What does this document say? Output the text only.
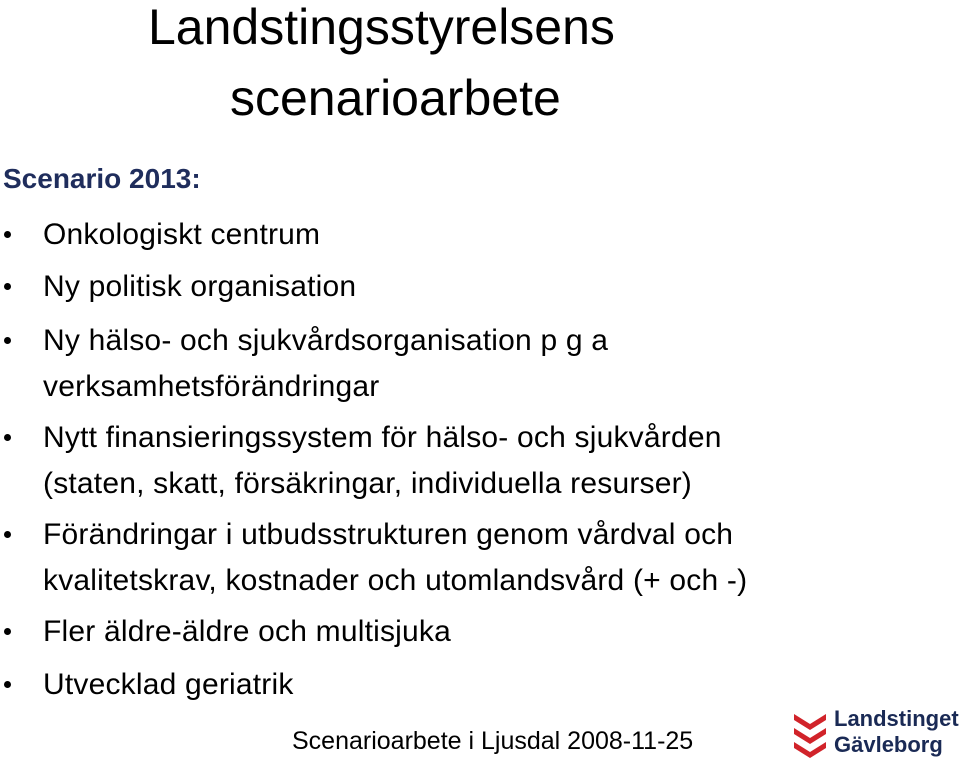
Landstingsstyrelsens
scenarioarbete
Scenario 2013:
Onkologiskt centrum
Ny politisk organisation
Ny hälso- och sjukvårdsorganisation p g a
verksamhetsförändringar
Nytt finansieringssystem för hälso- och sjukvården
(staten, skatt, försäkringar, individuella resurser)
Förändringar i utbudsstrukturen genom vårdval och
kvalitetskrav, kostnader och utomlandsvård (+ och -)
Fler äldre-äldre och multisjuka
Utvecklad geriatrik
Scenarioarbete i Ljusdal 2008-11-25
Landstinget
Gävleborg
